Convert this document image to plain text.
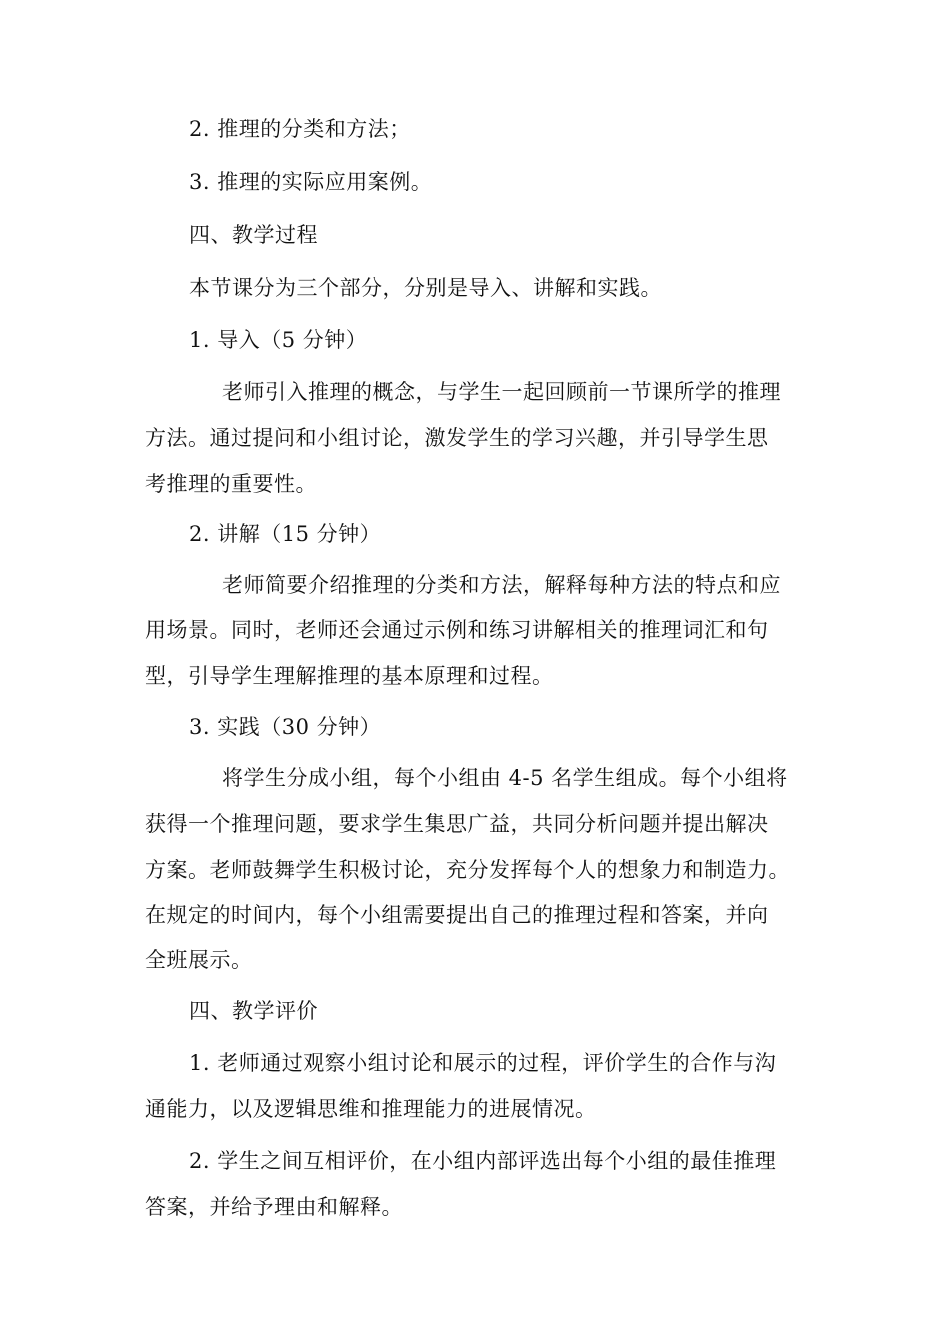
2. 推理的分类和方法；
3. 推理的实际应用案例。
四、教学过程
本节课分为三个部分，分别是导入、讲解和实践。
1. 导入（5 分钟）
老师引入推理的概念，与学生一起回顾前一节课所学的推理
方法。通过提问和小组讨论，激发学生的学习兴趣，并引导学生思
考推理的重要性。
2. 讲解（15 分钟）
老师简要介绍推理的分类和方法，解释每种方法的特点和应
用场景。同时，老师还会通过示例和练习讲解相关的推理词汇和句
型，引导学生理解推理的基本原理和过程。
3. 实践（30 分钟）
将学生分成小组，每个小组由 4-5 名学生组成。每个小组将
获得一个推理问题，要求学生集思广益，共同分析问题并提出解决
方案。老师鼓舞学生积极讨论，充分发挥每个人的想象力和制造力。
在规定的时间内，每个小组需要提出自己的推理过程和答案，并向
全班展示。
四、教学评价
1. 老师通过观察小组讨论和展示的过程，评价学生的合作与沟
通能力，以及逻辑思维和推理能力的进展情况。
2. 学生之间互相评价，在小组内部评选出每个小组的最佳推理
答案，并给予理由和解释。
